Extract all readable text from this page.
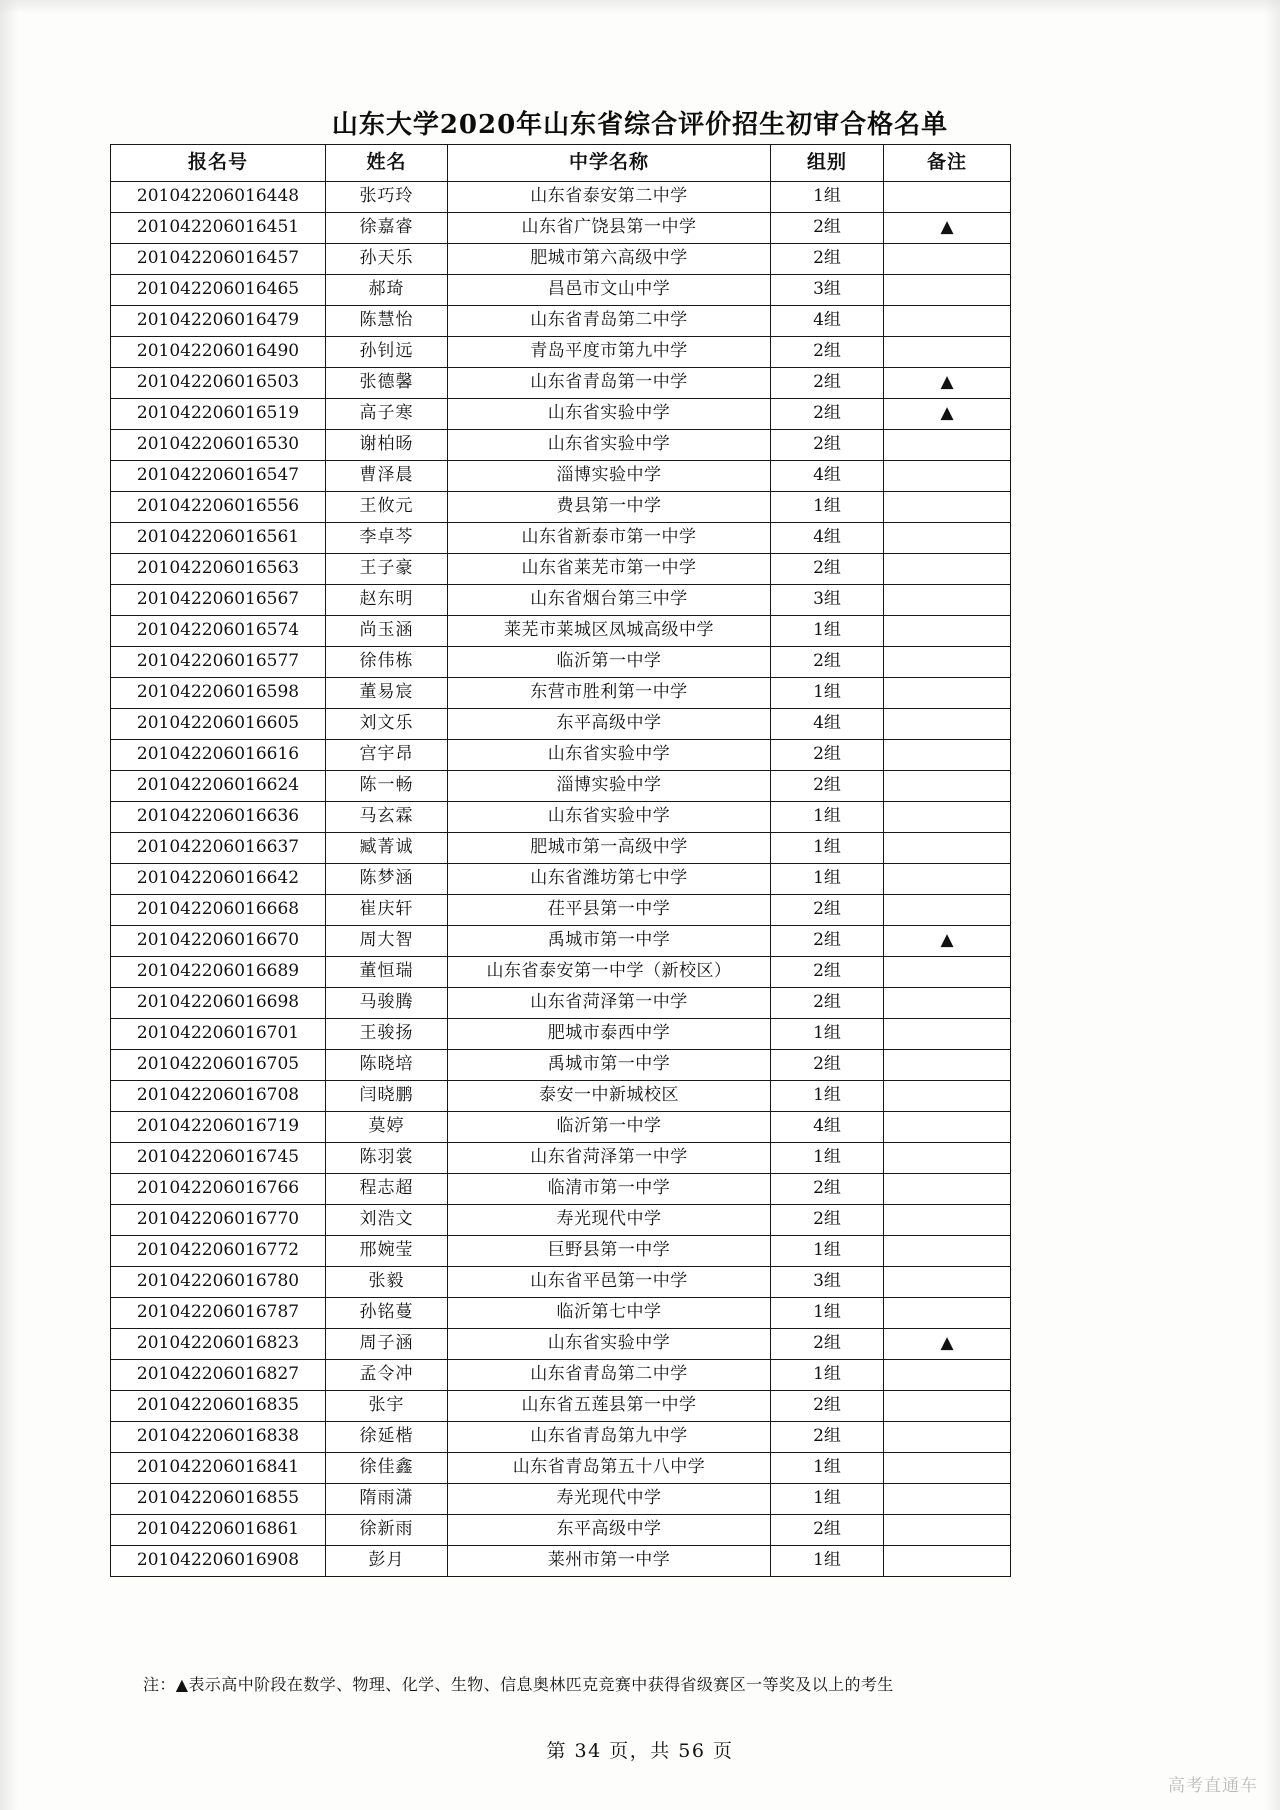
山东大学2020年山东省综合评价招生初审合格名单
报名号	姓名	中学名称	组别	备注
201042206016448	张巧玲	山东省泰安第二中学	1组	
201042206016451	徐嘉睿	山东省广饶县第一中学	2组	▲
201042206016457	孙天乐	肥城市第六高级中学	2组	
201042206016465	郝琦	昌邑市文山中学	3组	
201042206016479	陈慧怡	山东省青岛第二中学	4组	
201042206016490	孙钊远	青岛平度市第九中学	2组	
201042206016503	张德馨	山东省青岛第一中学	2组	▲
201042206016519	高子寒	山东省实验中学	2组	▲
201042206016530	谢柏旸	山东省实验中学	2组	
201042206016547	曹泽晨	淄博实验中学	4组	
201042206016556	王攸元	费县第一中学	1组	
201042206016561	李卓芩	山东省新泰市第一中学	4组	
201042206016563	王子豪	山东省莱芜市第一中学	2组	
201042206016567	赵东明	山东省烟台第三中学	3组	
201042206016574	尚玉涵	莱芜市莱城区凤城高级中学	1组	
201042206016577	徐伟栋	临沂第一中学	2组	
201042206016598	董易宸	东营市胜利第一中学	1组	
201042206016605	刘文乐	东平高级中学	4组	
201042206016616	宫宇昂	山东省实验中学	2组	
201042206016624	陈一畅	淄博实验中学	2组	
201042206016636	马玄霖	山东省实验中学	1组	
201042206016637	臧菁诚	肥城市第一高级中学	1组	
201042206016642	陈梦涵	山东省潍坊第七中学	1组	
201042206016668	崔庆轩	茌平县第一中学	2组	
201042206016670	周大智	禹城市第一中学	2组	▲
201042206016689	董恒瑞	山东省泰安第一中学（新校区）	2组	
201042206016698	马骏腾	山东省菏泽第一中学	2组	
201042206016701	王骏扬	肥城市泰西中学	1组	
201042206016705	陈晓培	禹城市第一中学	2组	
201042206016708	闫晓鹏	泰安一中新城校区	1组	
201042206016719	莫婷	临沂第一中学	4组	
201042206016745	陈羽裳	山东省菏泽第一中学	1组	
201042206016766	程志超	临清市第一中学	2组	
201042206016770	刘浩文	寿光现代中学	2组	
201042206016772	邢婉莹	巨野县第一中学	1组	
201042206016780	张毅	山东省平邑第一中学	3组	
201042206016787	孙铭蔓	临沂第七中学	1组	
201042206016823	周子涵	山东省实验中学	2组	▲
201042206016827	孟令冲	山东省青岛第二中学	1组	
201042206016835	张宇	山东省五莲县第一中学	2组	
201042206016838	徐延楷	山东省青岛第九中学	2组	
201042206016841	徐佳鑫	山东省青岛第五十八中学	1组	
201042206016855	隋雨潇	寿光现代中学	1组	
201042206016861	徐新雨	东平高级中学	2组	
201042206016908	彭月	莱州市第一中学	1组	
注：▲表示高中阶段在数学、物理、化学、生物、信息奥林匹克竞赛中获得省级赛区一等奖及以上的考生
第 34 页，共 56 页
高考直通车
